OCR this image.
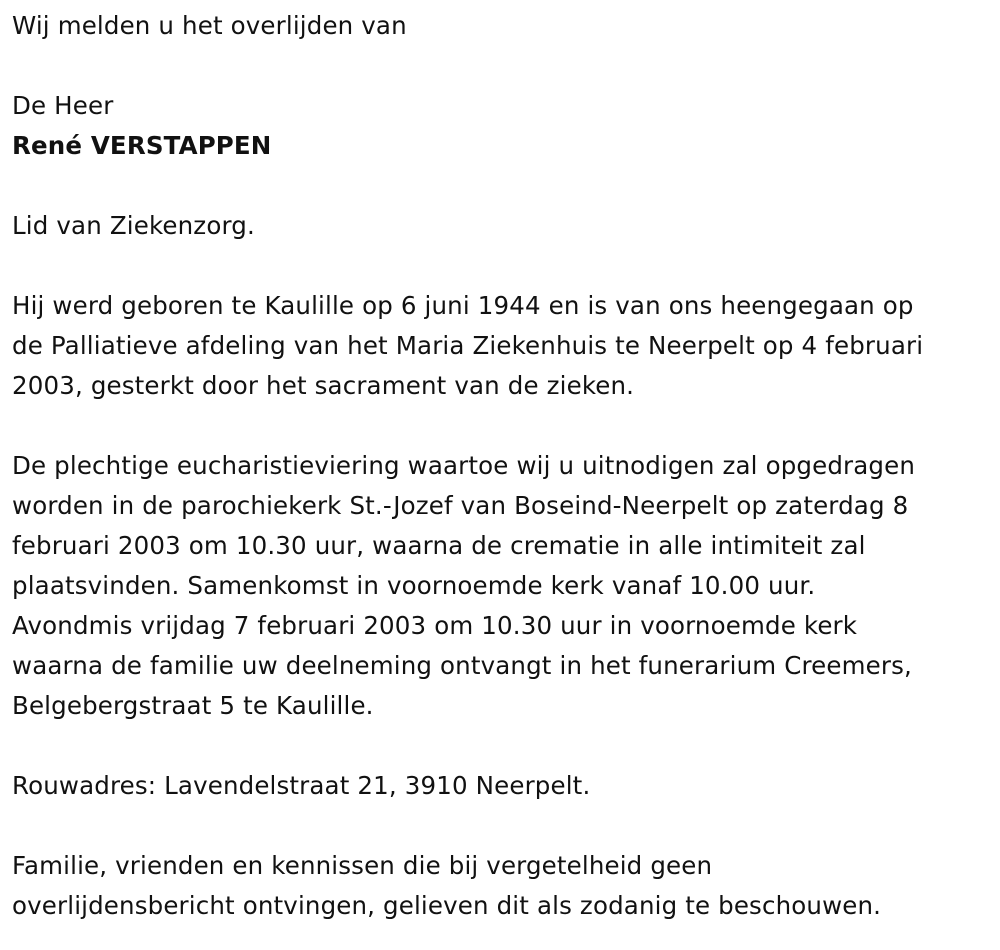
Wij melden u het overlijden van
De Heer
René VERSTAPPEN
Lid van Ziekenzorg.
Hij werd geboren te Kaulille op 6 juni 1944 en is van ons heengegaan op
de Palliatieve afdeling van het Maria Ziekenhuis te Neerpelt op 4 februari
2003, gesterkt door het sacrament van de zieken.
De plechtige eucharistieviering waartoe wij u uitnodigen zal opgedragen
worden in de parochiekerk St.-Jozef van Boseind-Neerpelt op zaterdag 8
februari 2003 om 10.30 uur, waarna de crematie in alle intimiteit zal
plaatsvinden. Samenkomst in voornoemde kerk vanaf 10.00 uur.
Avondmis vrijdag 7 februari 2003 om 10.30 uur in voornoemde kerk
waarna de familie uw deelneming ontvangt in het funerarium Creemers,
Belgebergstraat 5 te Kaulille.
Rouwadres: Lavendelstraat 21, 3910 Neerpelt.
Familie, vrienden en kennissen die bij vergetelheid geen
overlijdensbericht ontvingen, gelieven dit als zodanig te beschouwen.
